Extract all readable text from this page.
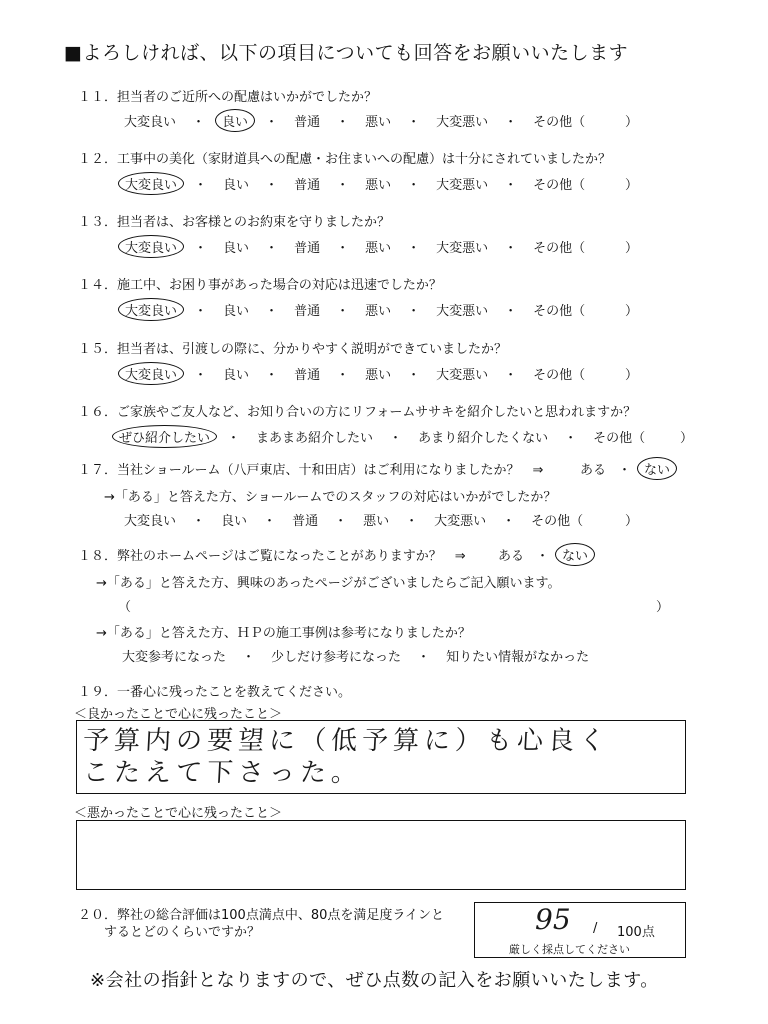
■よろしければ、以下の項目についても回答をお願いいたします
１１．担当者のご近所への配慮はいかがでしたか？
大変良い	・	良い	・	普通	・	悪い	・	大変悪い	・	その他（	）
１２．工事中の美化（家財道具への配慮・お住まいへの配慮）は十分にされていましたか？
大変良い	・	良い	・	普通	・	悪い	・	大変悪い	・	その他（	）
１３．担当者は、お客様とのお約束を守りましたか？
大変良い	・	良い	・	普通	・	悪い	・	大変悪い	・	その他（	）
１４．施工中、お困り事があった場合の対応は迅速でしたか？
大変良い	・	良い	・	普通	・	悪い	・	大変悪い	・	その他（	）
１５．担当者は、引渡しの際に、分かりやすく説明ができていましたか？
大変良い	・	良い	・	普通	・	悪い	・	大変悪い	・	その他（	）
１６．ご家族やご友人など、お知り合いの方にリフォームササキを紹介したいと思われますか？
ぜひ紹介したい	・	まあまあ紹介したい	・	あまり紹介したくない	・	その他（	）
１７．当社ショールーム（八戸東店、十和田店）はご利用になりましたか？　⇒	ある ・	ない
→「ある」と答えた方、ショールームでのスタッフの対応はいかがでしたか？
大変良い	・	良い	・	普通	・	悪い	・	大変悪い	・	その他（	）
１８．弊社のホームページはご覧になったことがありますか？　⇒ ある ・	ない
→「ある」と答えた方、興味のあったページがございましたらご記入願います。
（	）
→「ある」と答えた方、ＨＰの施工事例は参考になりましたか？
大変参考になった	・	少しだけ参考になった	・	知りたい情報がなかった
１９．一番心に残ったことを教えてください。
＜良かったことで心に残ったこと＞
予算内の要望に（低予算に）も心良く
こたえて下さった。
＜悪かったことで心に残ったこと＞
２０．弊社の総合評価は100点満点中、80点を満足度ラインと
するとどのくらいですか？	95 / 100点
厳しく採点してください
※会社の指針となりますので、ぜひ点数の記入をお願いいたします。
